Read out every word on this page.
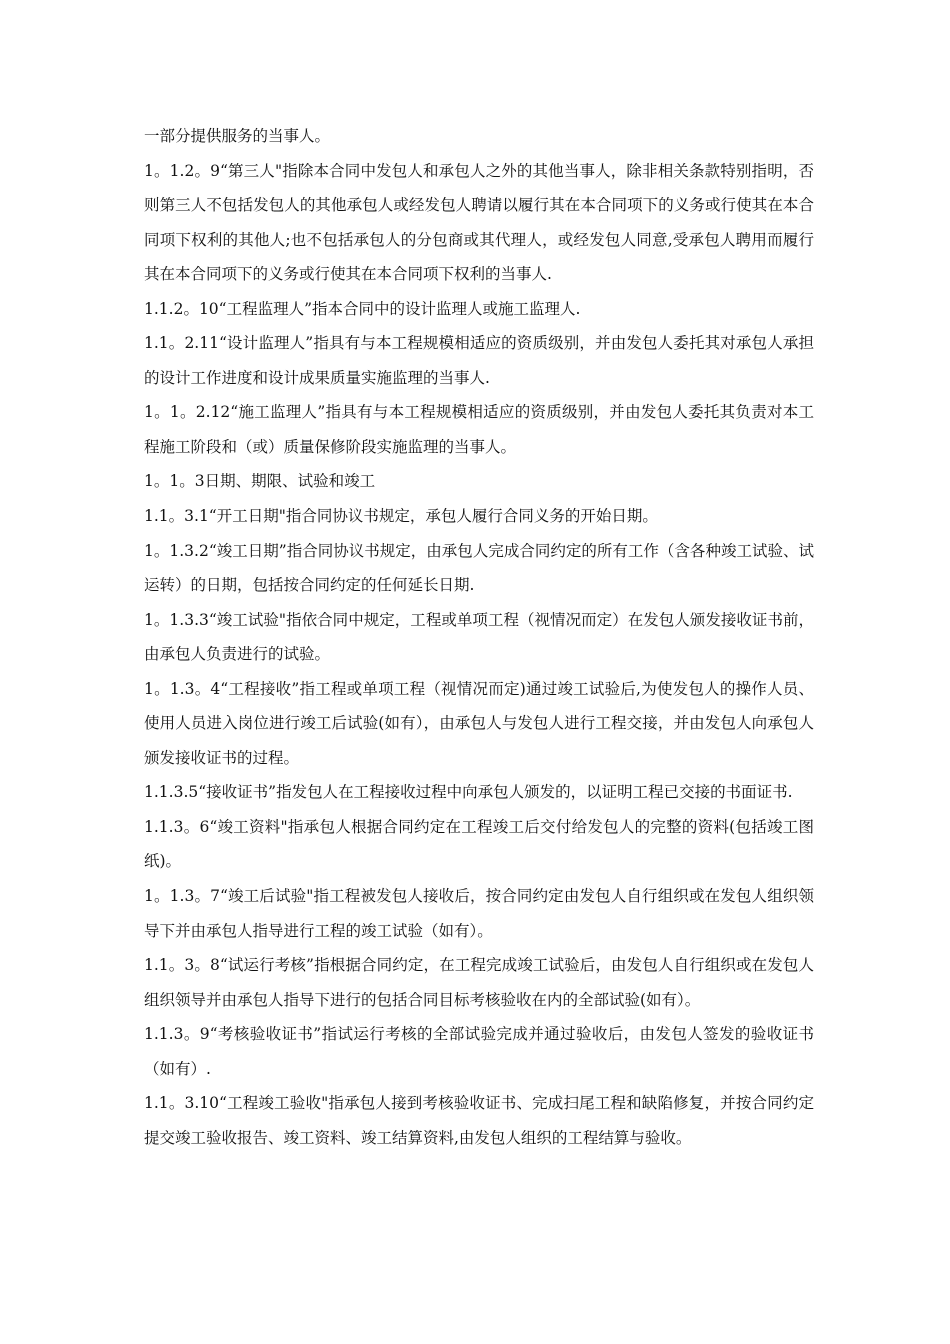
一部分提供服务的当事人。

1。1.2。9“第三人"指除本合同中发包人和承包人之外的其他当事人，除非相关条款特别指明，否则第三人不包括发包人的其他承包人或经发包人聘请以履行其在本合同项下的义务或行使其在本合同项下权利的其他人;也不包括承包人的分包商或其代理人，或经发包人同意,受承包人聘用而履行其在本合同项下的义务或行使其在本合同项下权利的当事人.

1.1.2。10“工程监理人”指本合同中的设计监理人或施工监理人.

1.1。2.11“设计监理人”指具有与本工程规模相适应的资质级别，并由发包人委托其对承包人承担的设计工作进度和设计成果质量实施监理的当事人.

1。1。2.12“施工监理人”指具有与本工程规模相适应的资质级别，并由发包人委托其负责对本工程施工阶段和（或）质量保修阶段实施监理的当事人。

1。1。3日期、期限、试验和竣工

1.1。3.1“开工日期"指合同协议书规定，承包人履行合同义务的开始日期。

1。1.3.2“竣工日期”指合同协议书规定，由承包人完成合同约定的所有工作（含各种竣工试验、试运转）的日期，包括按合同约定的任何延长日期.

1。1.3.3“竣工试验"指依合同中规定，工程或单项工程（视情况而定）在发包人颁发接收证书前，由承包人负责进行的试验。

1。1.3。4“工程接收”指工程或单项工程（视情况而定)通过竣工试验后,为使发包人的操作人员、使用人员进入岗位进行竣工后试验(如有），由承包人与发包人进行工程交接，并由发包人向承包人颁发接收证书的过程。

1.1.3.5“接收证书”指发包人在工程接收过程中向承包人颁发的，以证明工程已交接的书面证书.

1.1.3。6“竣工资料"指承包人根据合同约定在工程竣工后交付给发包人的完整的资料(包括竣工图纸)。

1。1.3。7“竣工后试验"指工程被发包人接收后，按合同约定由发包人自行组织或在发包人组织领导下并由承包人指导进行工程的竣工试验（如有）。

1.1。3。8“试运行考核”指根据合同约定，在工程完成竣工试验后，由发包人自行组织或在发包人组织领导并由承包人指导下进行的包括合同目标考核验收在内的全部试验(如有）。

1.1.3。9“考核验收证书”指试运行考核的全部试验完成并通过验收后，由发包人签发的验收证书（如有）.

1.1。3.10“工程竣工验收"指承包人接到考核验收证书、完成扫尾工程和缺陷修复，并按合同约定提交竣工验收报告、竣工资料、竣工结算资料,由发包人组织的工程结算与验收。
